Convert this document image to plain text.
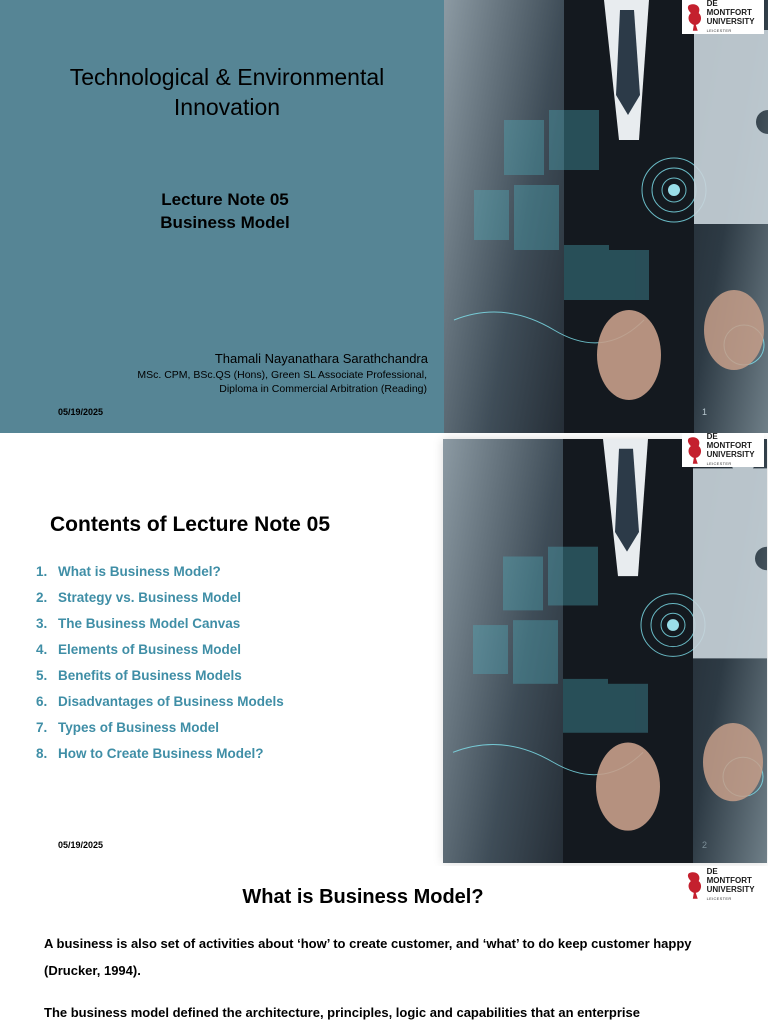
DE MONTFORT
UNIVERSITY
LEICESTER
Technological & Environmental
Innovation
Lecture Note 05
Business Model
Thamali Nayanathara Sarathchandra
MSc. CPM, BSc.QS (Hons), Green SL Associate Professional,
Diploma in Commercial Arbitration (Reading)
05/19/2025	1
DE MONTFORT
UNIVERSITY
LEICESTER
Contents of Lecture Note 05
1. What is Business Model?
2. Strategy vs. Business Model
3. The Business Model Canvas
4. Elements of Business Model
5. Benefits of Business Models
6. Disadvantages of Business Models
7. Types of Business Model
8. How to Create Business Model?
05/19/2025	2
DE MONTFORT
UNIVERSITY
LEICESTER
What is Business Model?

A business is also set of activities about ‘how’ to create customer, and ‘what’ to do keep customer happy (Drucker, 1994).

The business model defined the architecture, principles, logic and capabilities that an enterprise
